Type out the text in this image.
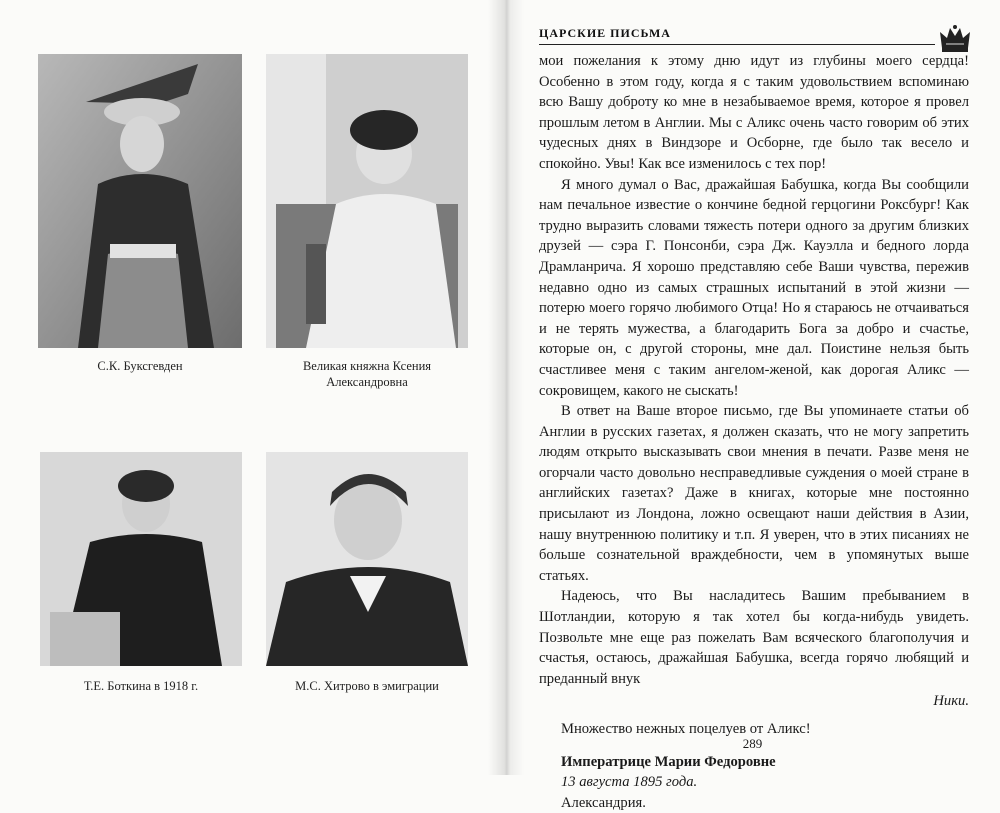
С.К. Буксгевден	Великая княжна Ксения Александровна
Т.Е. Боткина в 1918 г.	М.С. Хитрово в эмиграции
ЦАРСКИЕ ПИСЬМА

мои пожелания к этому дню идут из глубины моего сердца! Особенно в этом году, когда я с таким удовольствием вспоминаю всю Вашу доброту ко мне в незабываемое время, которое я провел прошлым летом в Англии. Мы с Аликс очень часто говорим об этих чудесных днях в Виндзоре и Осборне, где было так весело и спокойно. Увы! Как все изменилось с тех пор!

Я много думал о Вас, дражайшая Бабушка, когда Вы сообщили нам печальное известие о кончине бедной герцогини Роксбург! Как трудно выразить словами тяжесть потери одного за другим близких друзей — сэра Г. Понсонби, сэра Дж. Кауэлла и бедного лорда Драмланрича. Я хорошо представляю себе Ваши чувства, пережив недавно одно из самых страшных испытаний в этой жизни — потерю моего горячо любимого Отца! Но я стараюсь не отчаиваться и не терять мужества, а благодарить Бога за добро и счастье, которые он, с другой стороны, мне дал. Поистине нельзя быть счастливее меня с таким ангелом-женой, как дорогая Аликс — сокровищем, какого не сыскать!

В ответ на Ваше второе письмо, где Вы упоминаете статьи об Англии в русских газетах, я должен сказать, что не могу запретить людям открыто высказывать свои мнения в печати. Разве меня не огорчали часто довольно несправедливые суждения о моей стране в английских газетах? Даже в книгах, которые мне постоянно присылают из Лондона, ложно освещают наши действия в Азии, нашу внутреннюю политику и т.п. Я уверен, что в этих писаниях не больше сознательной враждебности, чем в упомянутых выше статьях.

Надеюсь, что Вы насладитесь Вашим пребыванием в Шотландии, которую я так хотел бы когда-нибудь увидеть. Позвольте мне еще раз пожелать Вам всяческого благополучия и счастья, остаюсь, дражайшая Бабушка, всегда горячо любящий и преданный внук

Ники.

Множество нежных поцелуев от Аликс!

Императрице Марии Федоровне

13 августа 1895 года.

Александрия.

289
